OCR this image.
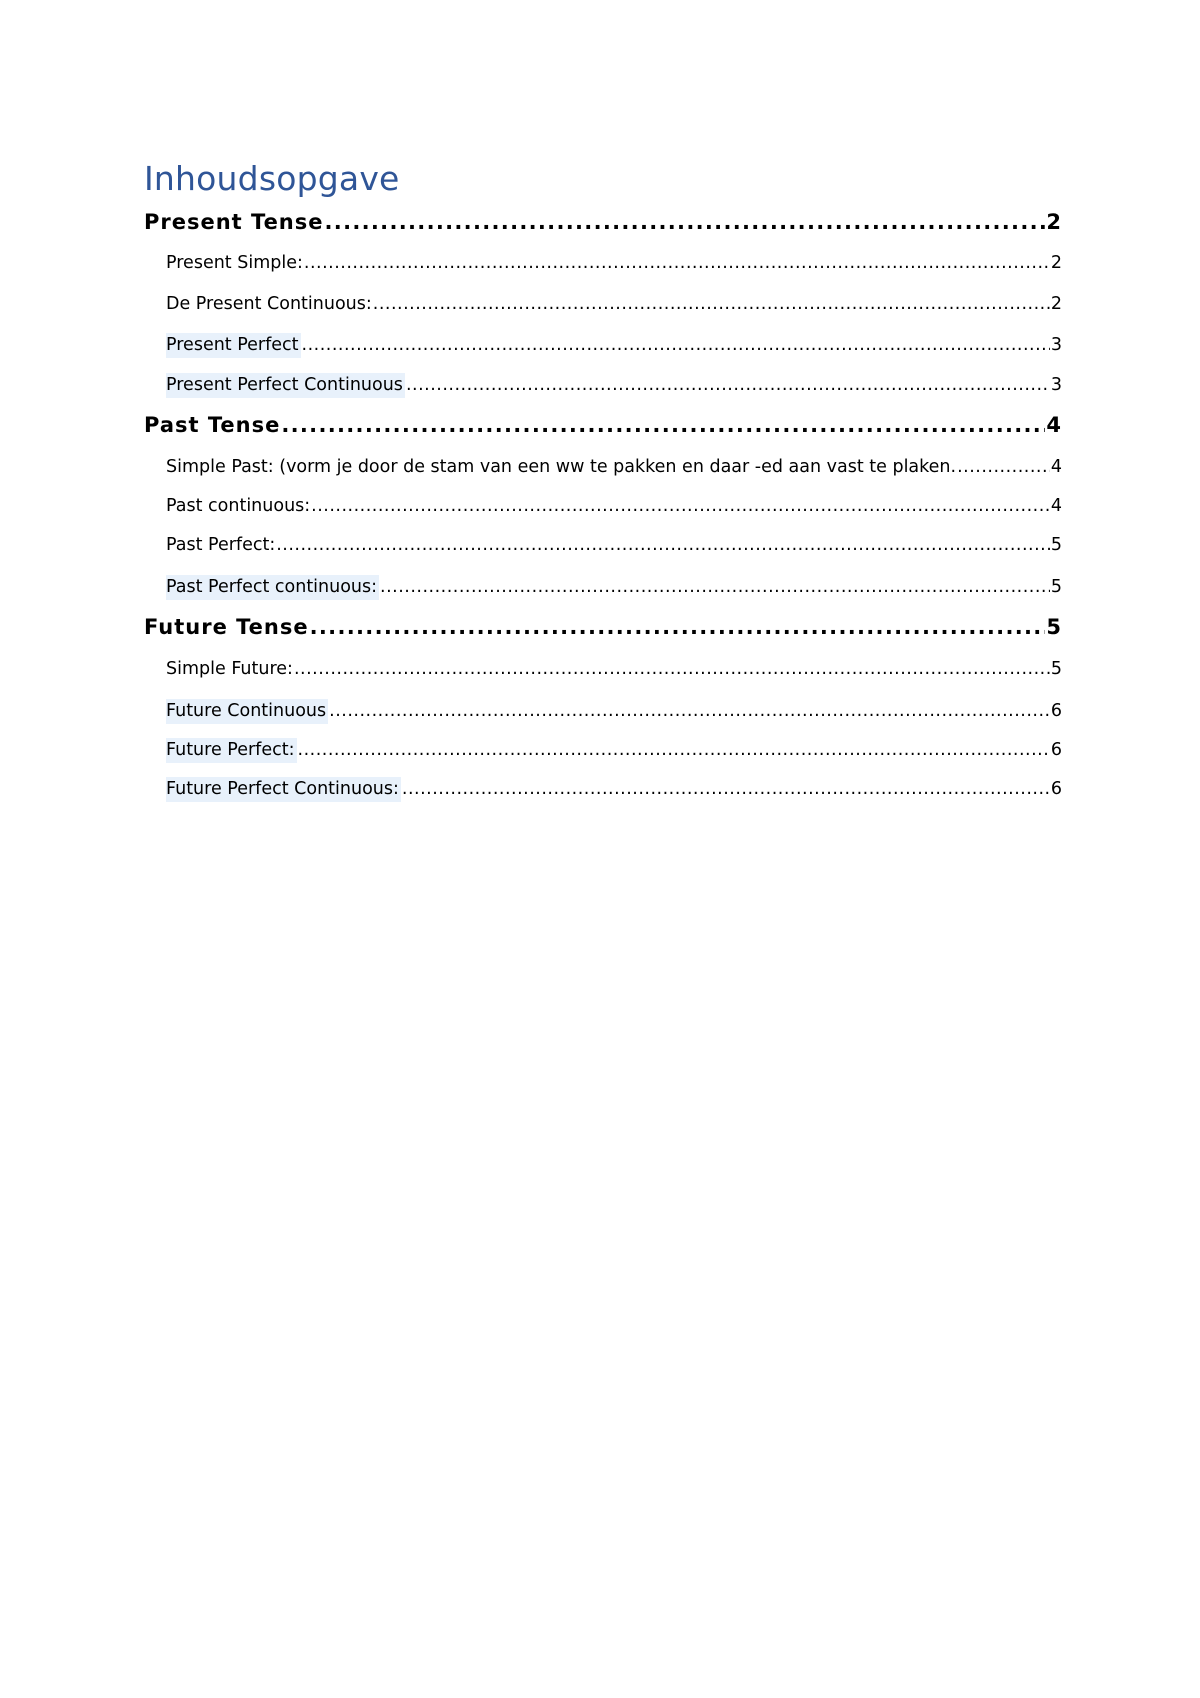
Inhoudsopgave
Present Tense .....	2
Present Simple: .....	2
De Present Continuous: .....	2
Present Perfect .....	3
Present Perfect Continuous .....	3
Past Tense .....	4
Simple Past: (vorm je door de stam van een ww te pakken en daar -ed aan vast te plaken. .....	4
Past continuous: .....	4
Past Perfect: .....	5
Past Perfect continuous: .....	5
Future Tense .....	5
Simple Future: .....	5
Future Continuous .....	6
Future Perfect: .....	6
Future Perfect Continuous: .....	6
